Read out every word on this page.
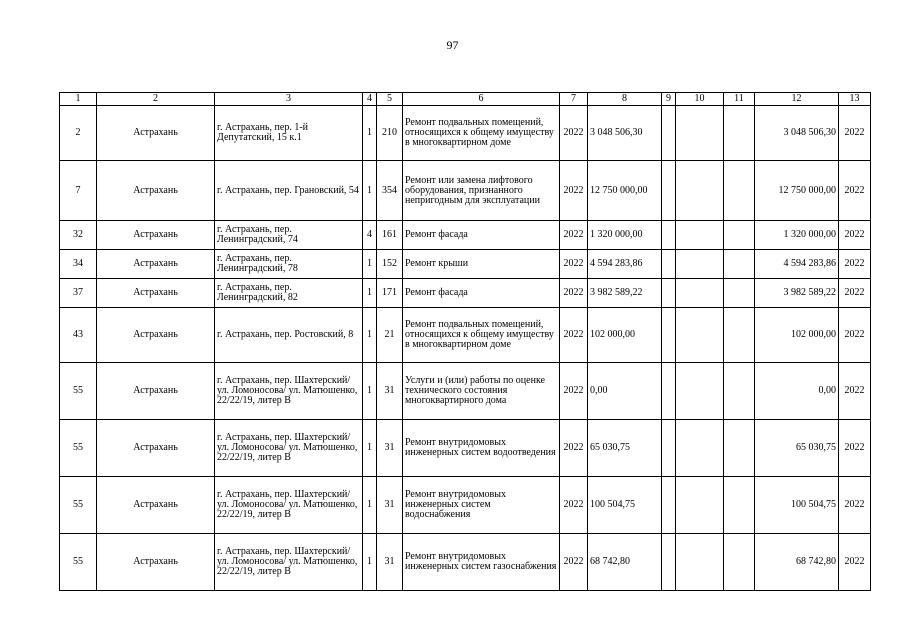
97
1	2	3	4	5	6	7	8	9	10	11	12	13
2	Астрахань	г. Астрахань, пер. 1-й Депутатский, 15 к.1	1	210	Ремонт подвальных помещений, относящихся к общему имуществу в многоквартирном доме	2022	3 048 506,30				3 048 506,30	2022
7	Астрахань	г. Астрахань, пер. Грановский, 54	1	354	Ремонт или замена лифтового оборудования, признанного непригодным для эксплуатации	2022	12 750 000,00				12 750 000,00	2022
32	Астрахань	г. Астрахань, пер. Ленинградский, 74	4	161	Ремонт фасада	2022	1 320 000,00				1 320 000,00	2022
34	Астрахань	г. Астрахань, пер. Ленинградский, 78	1	152	Ремонт крыши	2022	4 594 283,86				4 594 283,86	2022
37	Астрахань	г. Астрахань, пер. Ленинградский, 82	1	171	Ремонт фасада	2022	3 982 589,22				3 982 589,22	2022
43	Астрахань	г. Астрахань, пер. Ростовский, 8	1	21	Ремонт подвальных помещений, относящихся к общему имуществу в многоквартирном доме	2022	102 000,00				102 000,00	2022
55	Астрахань	г. Астрахань, пер. Шахтерский/ ул. Ломоносова/ ул. Матюшенко, 22/22/19, литер В	1	31	Услуги и (или) работы по оценке технического состояния многоквартирного дома	2022	0,00				0,00	2022
55	Астрахань	г. Астрахань, пер. Шахтерский/ ул. Ломоносова/ ул. Матюшенко, 22/22/19, литер В	1	31	Ремонт внутридомовых инженерных систем водоотведения	2022	65 030,75				65 030,75	2022
55	Астрахань	г. Астрахань, пер. Шахтерский/ ул. Ломоносова/ ул. Матюшенко, 22/22/19, литер В	1	31	Ремонт внутридомовых инженерных систем водоснабжения	2022	100 504,75				100 504,75	2022
55	Астрахань	г. Астрахань, пер. Шахтерский/ ул. Ломоносова/ ул. Матюшенко, 22/22/19, литер В	1	31	Ремонт внутридомовых инженерных систем газоснабжения	2022	68 742,80				68 742,80	2022
